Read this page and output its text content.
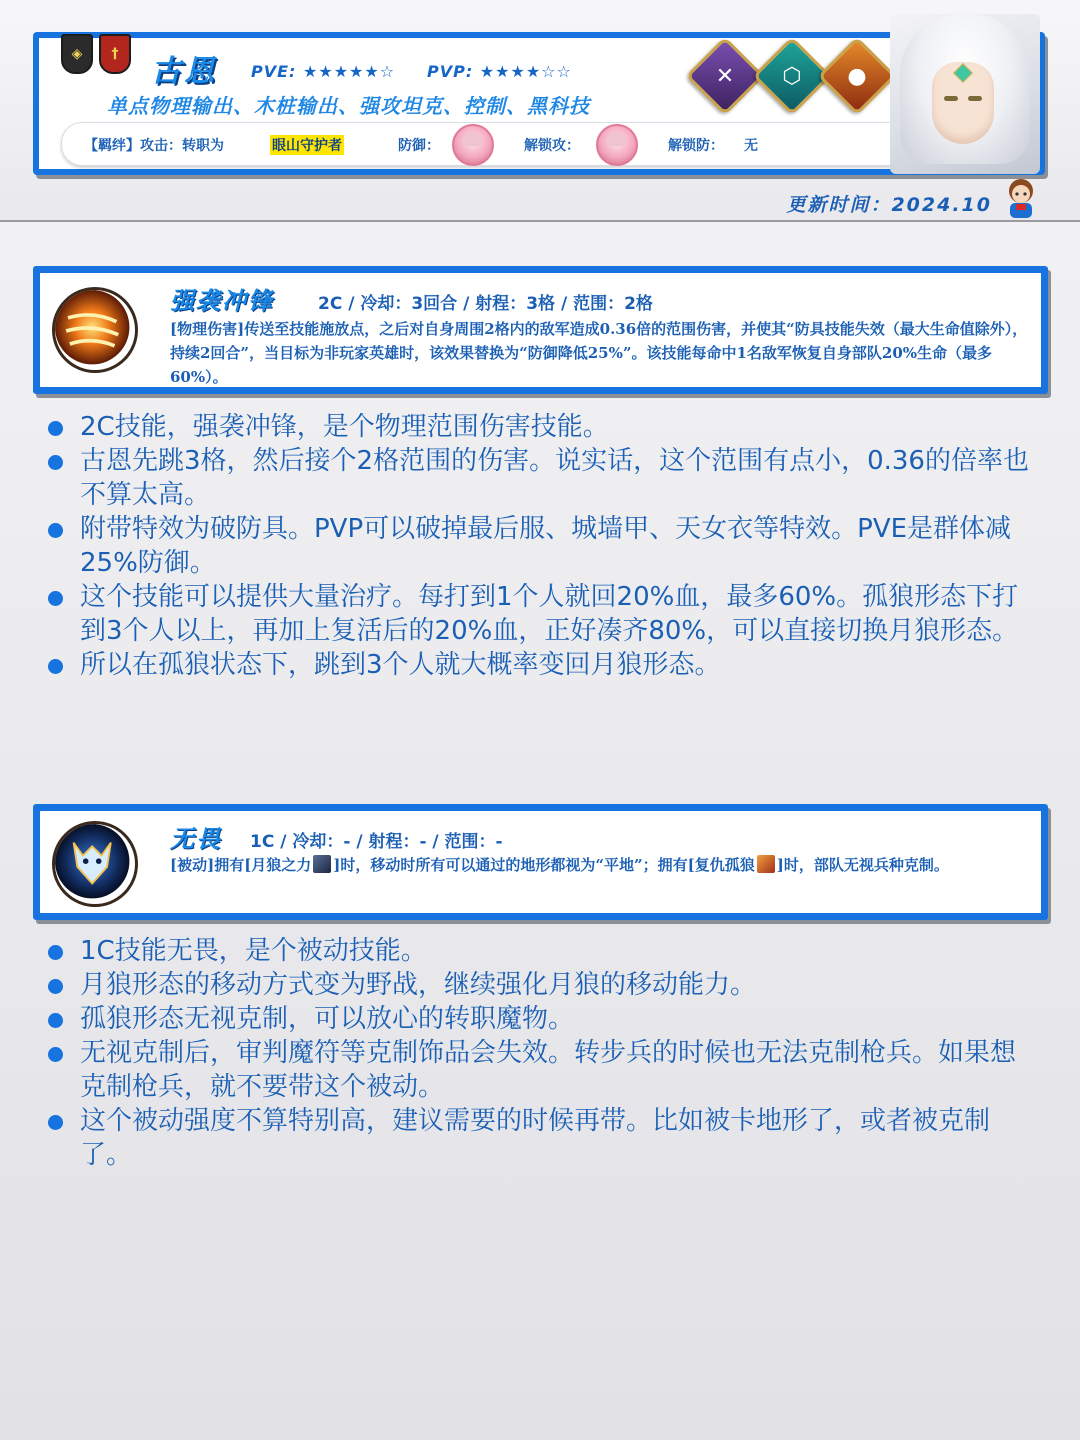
◈	†	古恩 PVE: ★★★★★☆ PVP: ★★★★☆☆
单点物理输出、木桩输出、强攻坦克、控制、黑科技
✕	⬡	●
【羁绊】攻击：转职为	眼山守护者	防御：	解锁攻：	解锁防： 无
更新时间：2024.10
强袭冲锋	2C / 冷却：3回合 / 射程：3格 / 范围：2格
[物理伤害]传送至技能施放点，之后对自身周围2格内的敌军造成0.36倍的范围伤害，并使其“防具技能失效（最大生命值除外），持续2回合”，当目标为非玩家英雄时，该效果替换为“防御降低25%”。该技能每命中1名敌军恢复自身部队20%生命（最多60%）。
2C技能，强袭冲锋，是个物理范围伤害技能。
古恩先跳3格，然后接个2格范围的伤害。说实话，这个范围有点小，0.36的倍率也不算太高。
附带特效为破防具。PVP可以破掉最后服、城墙甲、天女衣等特效。PVE是群体减25%防御。
这个技能可以提供大量治疗。每打到1个人就回20%血，最多60%。孤狼形态下打到3个人以上，再加上复活后的20%血，正好凑齐80%，可以直接切换月狼形态。
所以在孤狼状态下，跳到3个人就大概率变回月狼形态。
无畏 1C / 冷却：- / 射程：- / 范围：-
[被动]拥有[月狼之力 ]时，移动时所有可以通过的地形都视为“平地”；拥有[复仇孤狼 ]时，部队无视兵种克制。
1C技能无畏，是个被动技能。
月狼形态的移动方式变为野战，继续强化月狼的移动能力。
孤狼形态无视克制，可以放心的转职魔物。
无视克制后，审判魔符等克制饰品会失效。转步兵的时候也无法克制枪兵。如果想克制枪兵，就不要带这个被动。
这个被动强度不算特别高，建议需要的时候再带。比如被卡地形了，或者被克制了。
